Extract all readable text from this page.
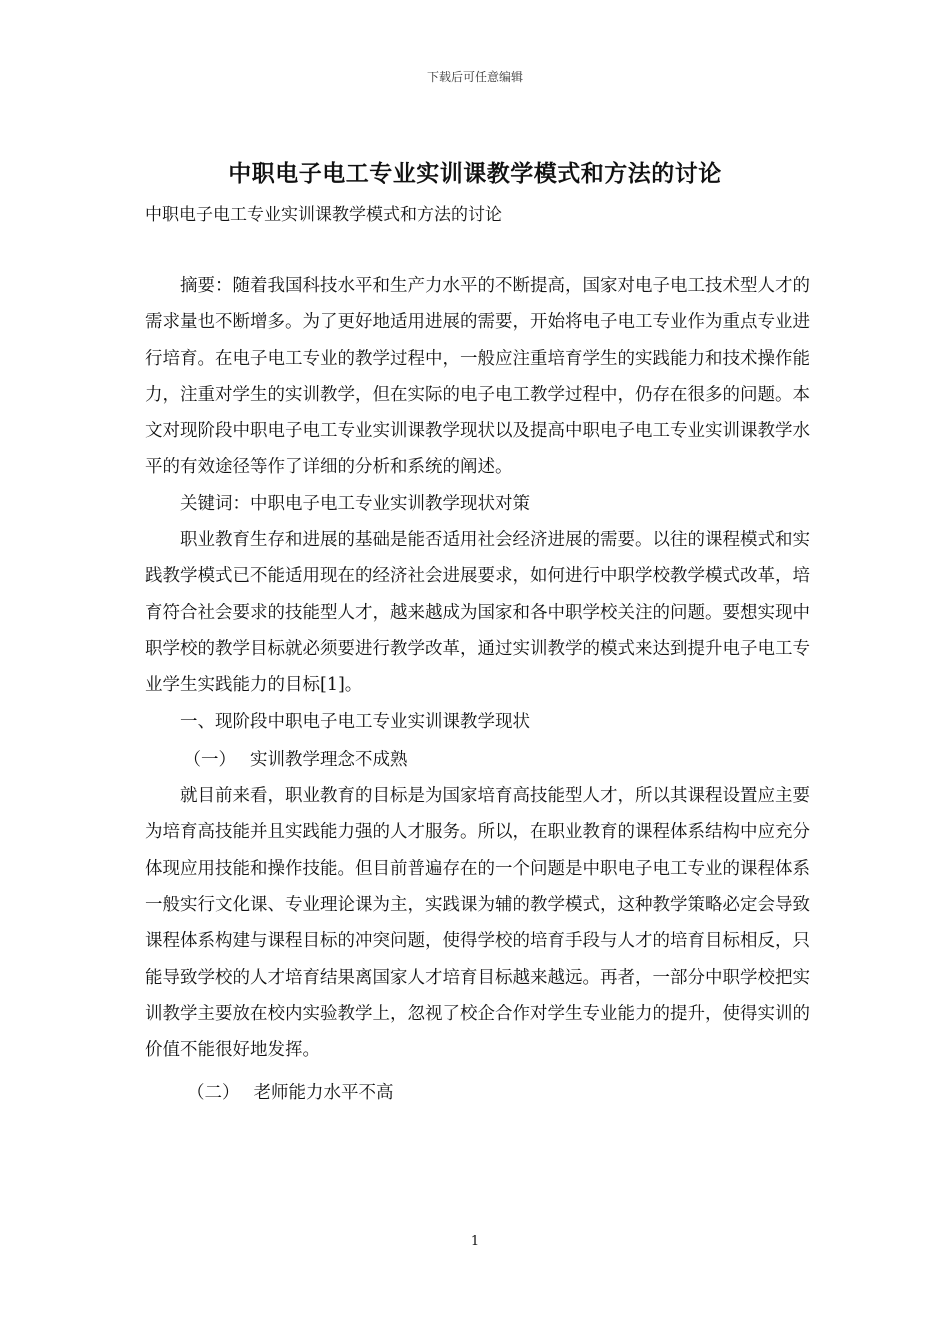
下载后可任意编辑
中职电子电工专业实训课教学模式和方法的讨论
中职电子电工专业实训课教学模式和方法的讨论

摘要：随着我国科技水平和生产力水平的不断提高，国家对电子电工技术型人才的需求量也不断增多。为了更好地适用进展的需要，开始将电子电工专业作为重点专业进行培育。在电子电工专业的教学过程中，一般应注重培育学生的实践能力和技术操作能力，注重对学生的实训教学，但在实际的电子电工教学过程中，仍存在很多的问题。本文对现阶段中职电子电工专业实训课教学现状以及提高中职电子电工专业实训课教学水平的有效途径等作了详细的分析和系统的阐述。

关键词：中职电子电工专业实训教学现状对策

职业教育生存和进展的基础是能否适用社会经济进展的需要。以往的课程模式和实践教学模式已不能适用现在的经济社会进展要求，如何进行中职学校教学模式改革，培育符合社会要求的技能型人才，越来越成为国家和各中职学校关注的问题。要想实现中职学校的教学目标就必须要进行教学改革，通过实训教学的模式来达到提升电子电工专业学生实践能力的目标[1]。

一、现阶段中职电子电工专业实训课教学现状

（一） 实训教学理念不成熟

就目前来看，职业教育的目标是为国家培育高技能型人才，所以其课程设置应主要为培育高技能并且实践能力强的人才服务。所以，在职业教育的课程体系结构中应充分体现应用技能和操作技能。但目前普遍存在的一个问题是中职电子电工专业的课程体系一般实行文化课、专业理论课为主，实践课为辅的教学模式，这种教学策略必定会导致课程体系构建与课程目标的冲突问题，使得学校的培育手段与人才的培育目标相反，只能导致学校的人才培育结果离国家人才培育目标越来越远。再者，一部分中职学校把实训教学主要放在校内实验教学上，忽视了校企合作对学生专业能力的提升，使得实训的价值不能很好地发挥。

（二） 老师能力水平不高

1
